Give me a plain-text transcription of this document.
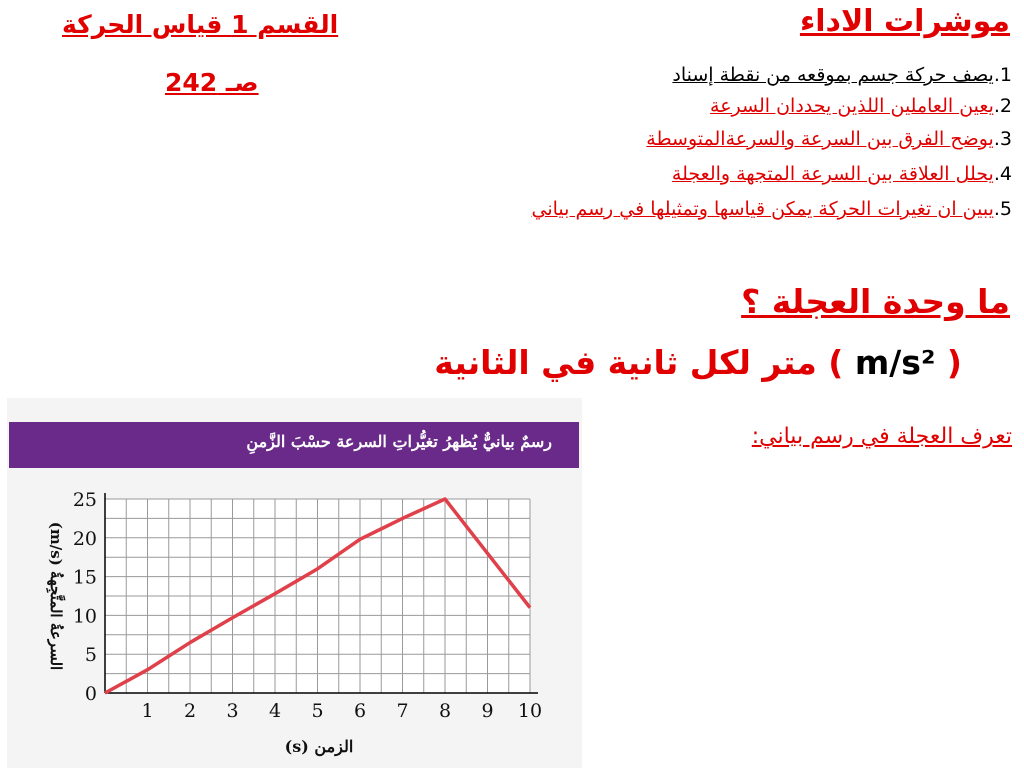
موشرات الاداء
القسم 1 قياس الحركة
صـ 242	1.يصف حركة جسم بموقعه من نقطة إسناد
2.يعين العاملين اللذين يحددان السرعة
3.يوضح الفرق بين السرعة والسرعةالمتوسطة
4.يحلل العلاقة بين السرعة المتجهة والعجلة
5.يبين ان تغيرات الحركة يمكن قياسها وتمثيلها في رسم بياني
ما وحدة العجلة ؟
( m/s² ) متر لكل ثانية في الثانية
تعرف العجلة في رسم بياني:
رسمٌ بيانيٌّ يُظهرُ تغيُّراتِ السرعة حسْبَ الزَّمنِ
1 2 3 4 5 6 7 8 9 10
0
5
10
15
20
25
الزمن (s)
السرعةُ المتَّجِهةُ (m/s)
